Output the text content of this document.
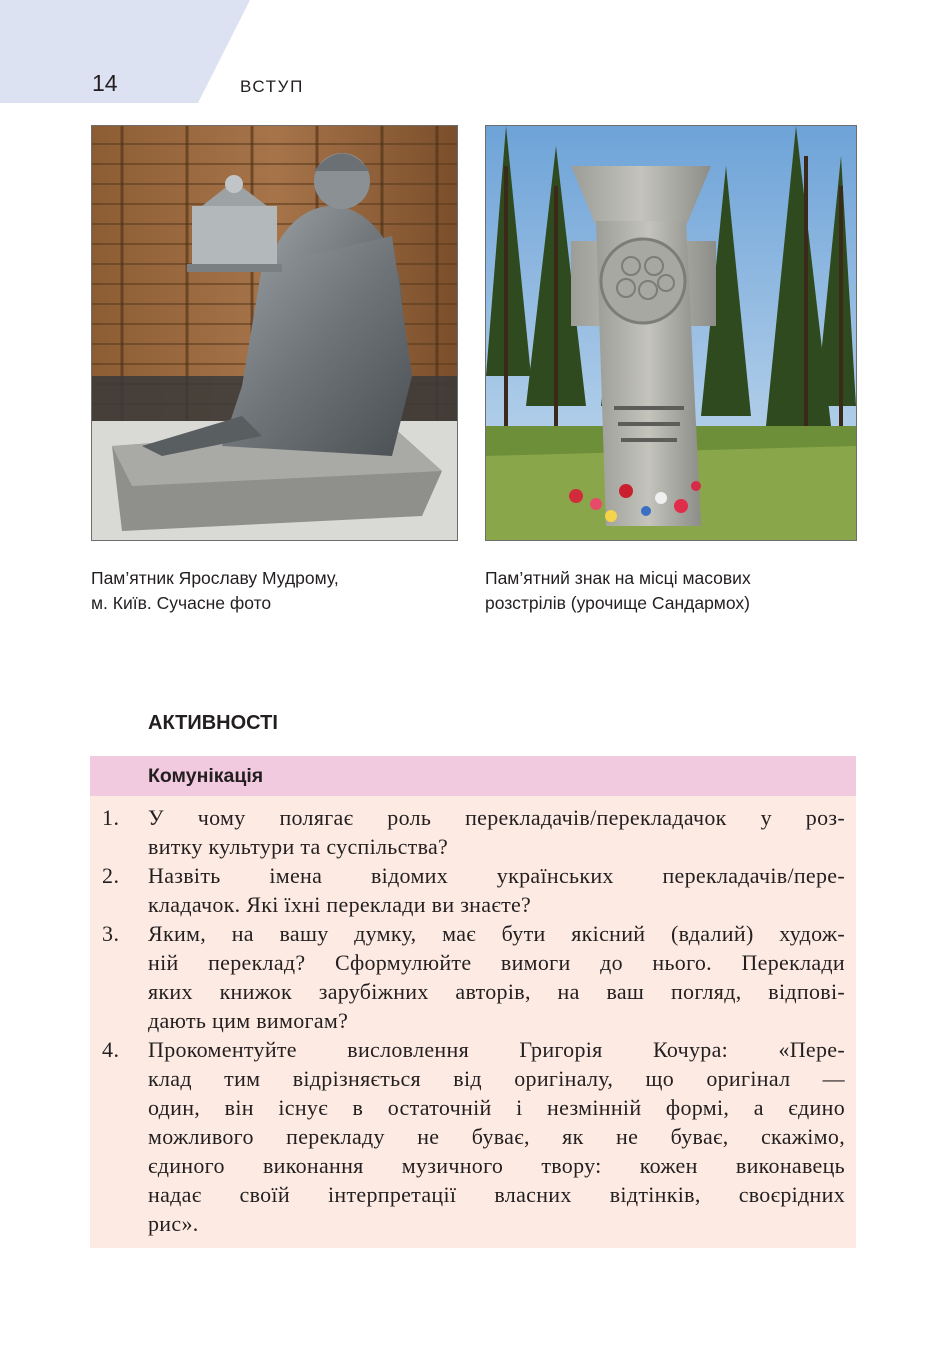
14	ВСТУП

Пам’ятник Ярославу Мудрому,
м. Київ. Сучасне фото

Пам’ятний знак на місці масових
розстрілів (урочище Сандармох)

АКТИВНОСТІ
Комунікація
1. У чому полягає роль перекладачів/перекладачок у роз-
витку культури та суспільства?
2. Назвіть імена відомих українських перекладачів/пере-
кладачок. Які їхні переклади ви знаєте?
3. Яким, на вашу думку, має бути якісний (вдалий) худож-
ній переклад? Сформулюйте вимоги до нього. Переклади
яких книжок зарубіжних авторів, на ваш погляд, відпові-
дають цим вимогам?
4. Прокоментуйте висловлення Григорія Кочура: «Пере-
клад тим відрізняється від оригіналу, що оригінал —
один, він існує в остаточній і незмінній формі, а єдино
можливого перекладу не буває, як не буває, скажімо,
єдиного виконання музичного твору: кожен виконавець
надає своїй інтерпретації власних відтінків, своєрідних
рис».
